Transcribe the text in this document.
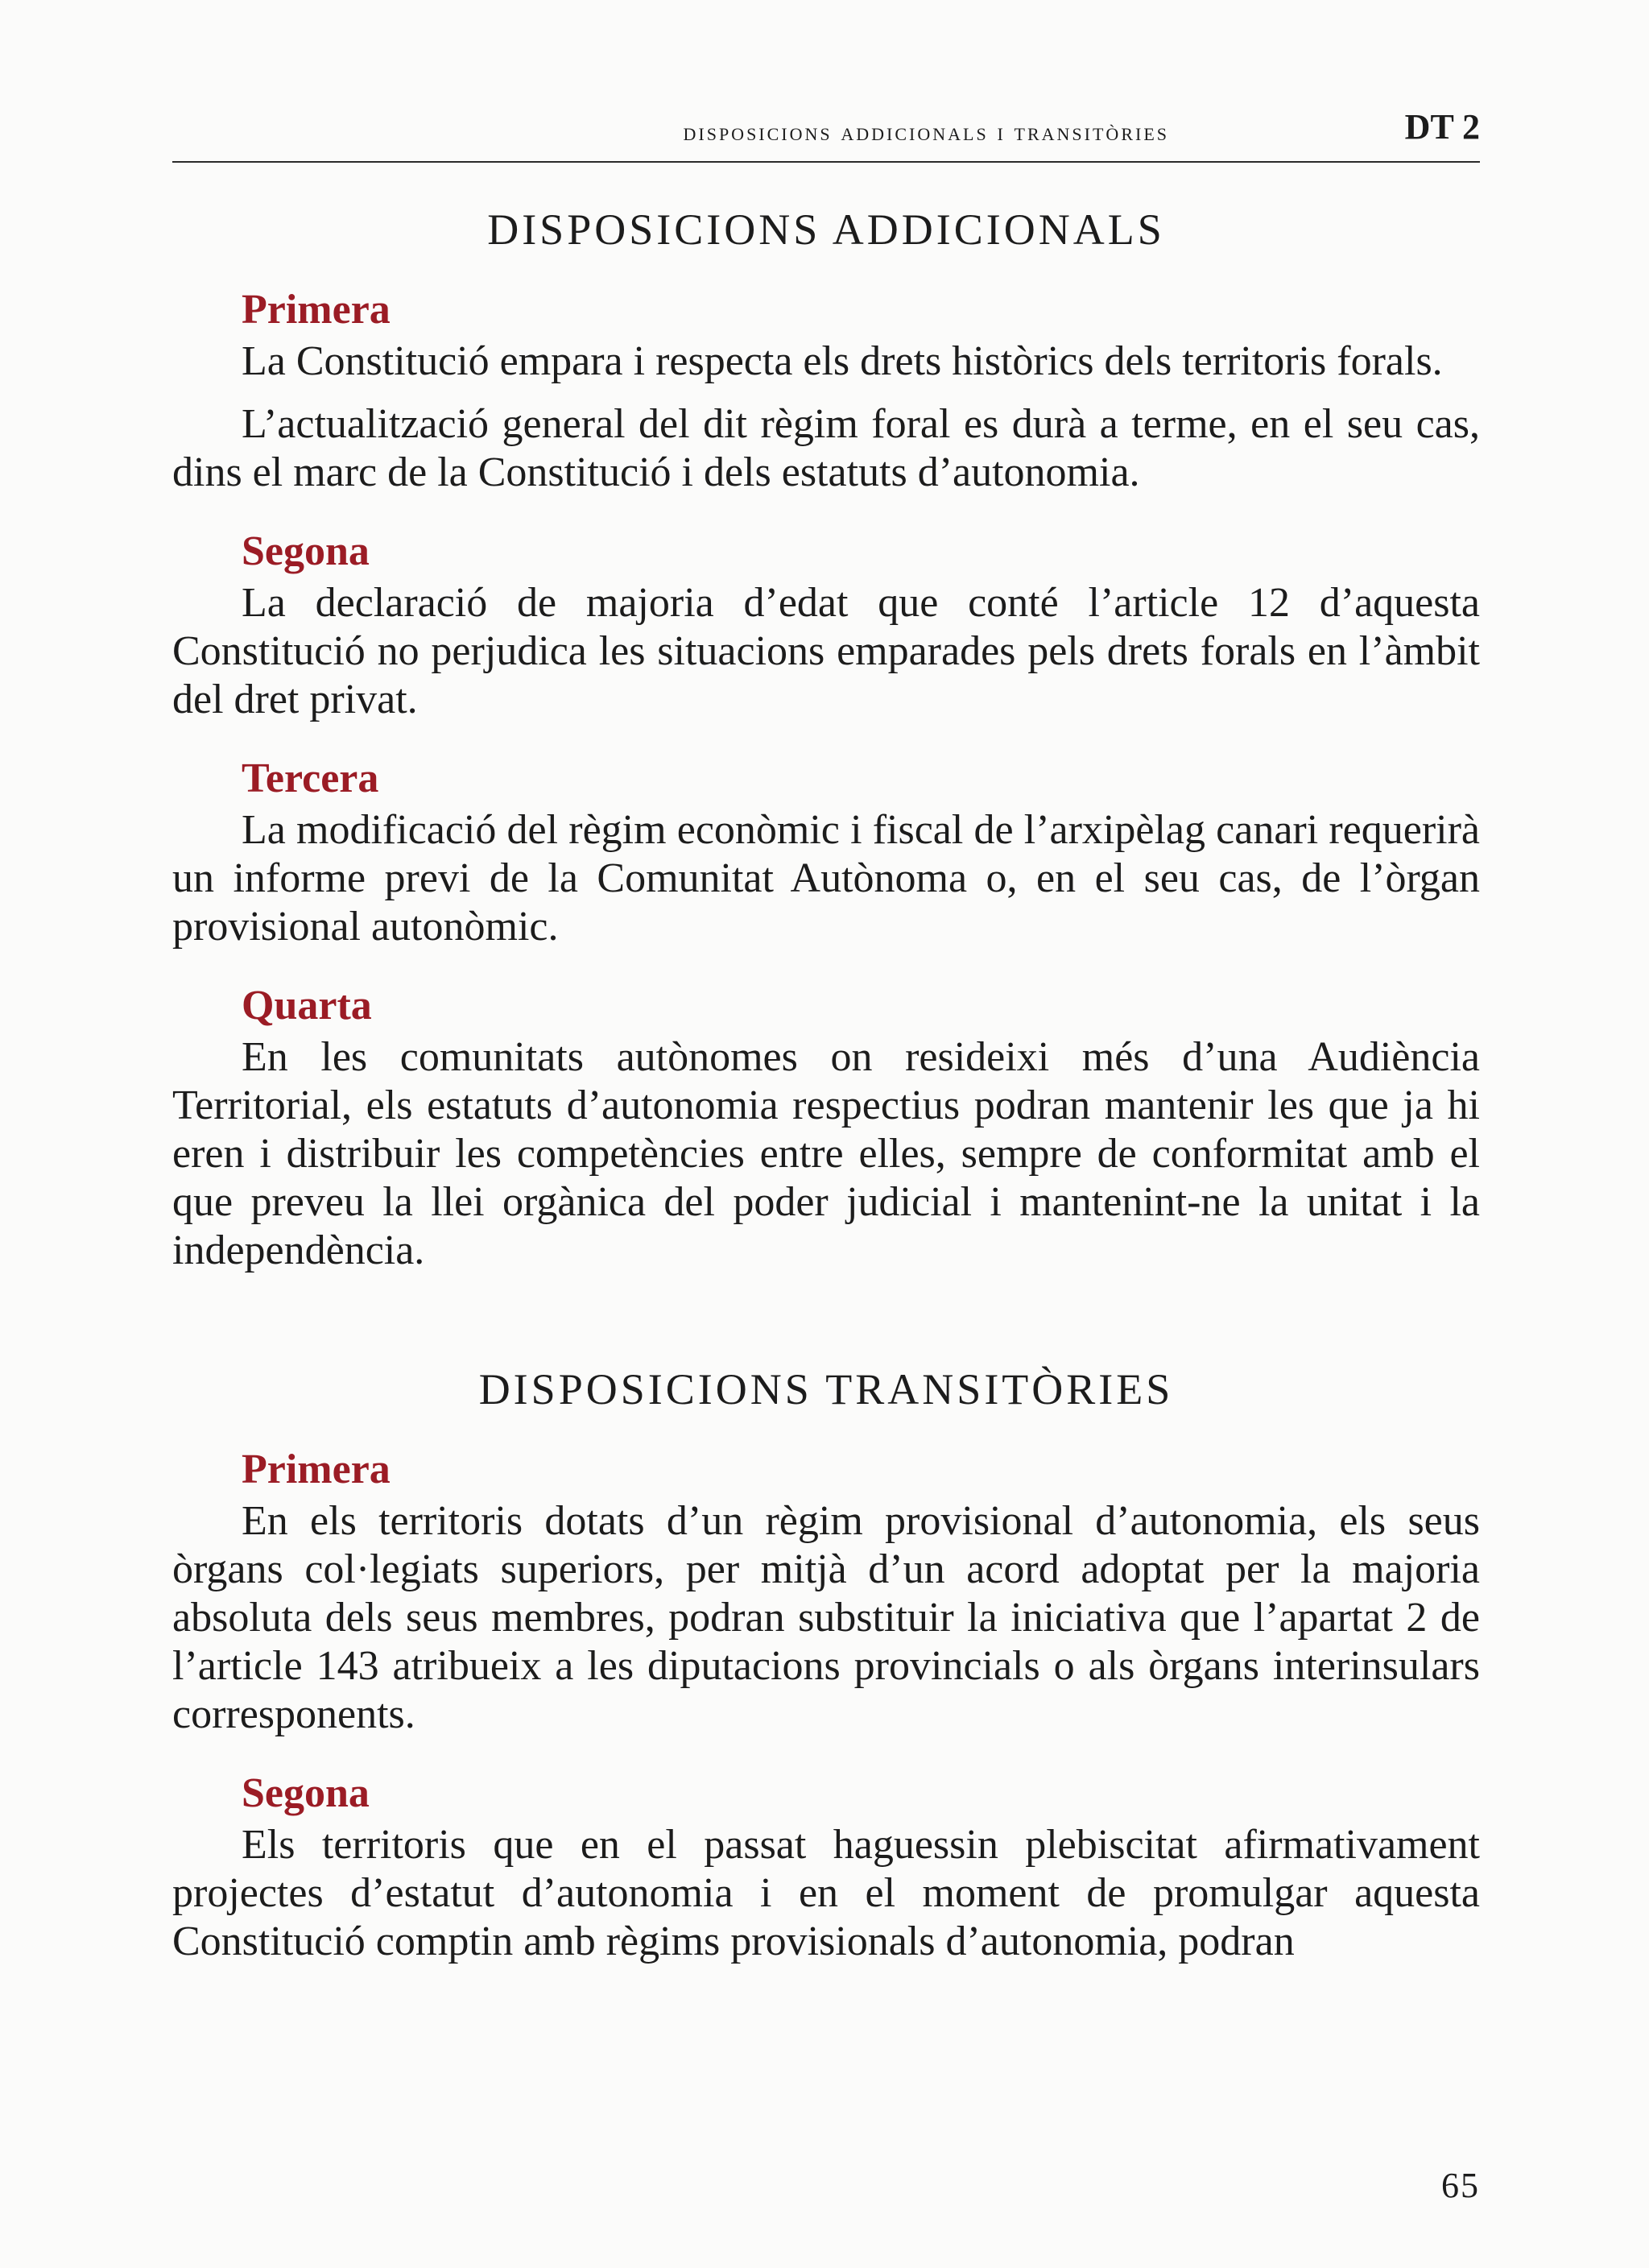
disposicions addicionals i transitòries	DT 2
DISPOSICIONS ADDICIONALS
Primera

La Constitució empara i respecta els drets històrics dels territoris forals.

L’actualització general del dit règim foral es durà a terme, en el seu cas, dins el marc de la Constitució i dels estatuts d’autonomia.

Segona

La declaració de majoria d’edat que conté l’article 12 d’aquesta Constitució no perjudica les situacions emparades pels drets forals en l’àmbit del dret privat.

Tercera

La modificació del règim econòmic i fiscal de l’arxipèlag canari requerirà un informe previ de la Comunitat Autònoma o, en el seu cas, de l’òrgan provisional autonòmic.

Quarta

En les comunitats autònomes on resideixi més d’una Audiència Territorial, els estatuts d’autonomia respectius podran mantenir les que ja hi eren i distribuir les competències entre elles, sempre de conformitat amb el que preveu la llei orgànica del poder judicial i mantenint-ne la unitat i la independència.

DISPOSICIONS TRANSITÒRIES
Primera

En els territoris dotats d’un règim provisional d’autonomia, els seus òrgans col·legiats superiors, per mitjà d’un acord adoptat per la majoria absoluta dels seus membres, podran substituir la iniciativa que l’apartat 2 de l’article 143 atribueix a les diputacions provincials o als òrgans interinsulars corresponents.

Segona

Els territoris que en el passat haguessin plebiscitat afirmativament projectes d’estatut d’autonomia i en el moment de promulgar aquesta Constitució comptin amb règims provisionals d’autonomia, podran

65
